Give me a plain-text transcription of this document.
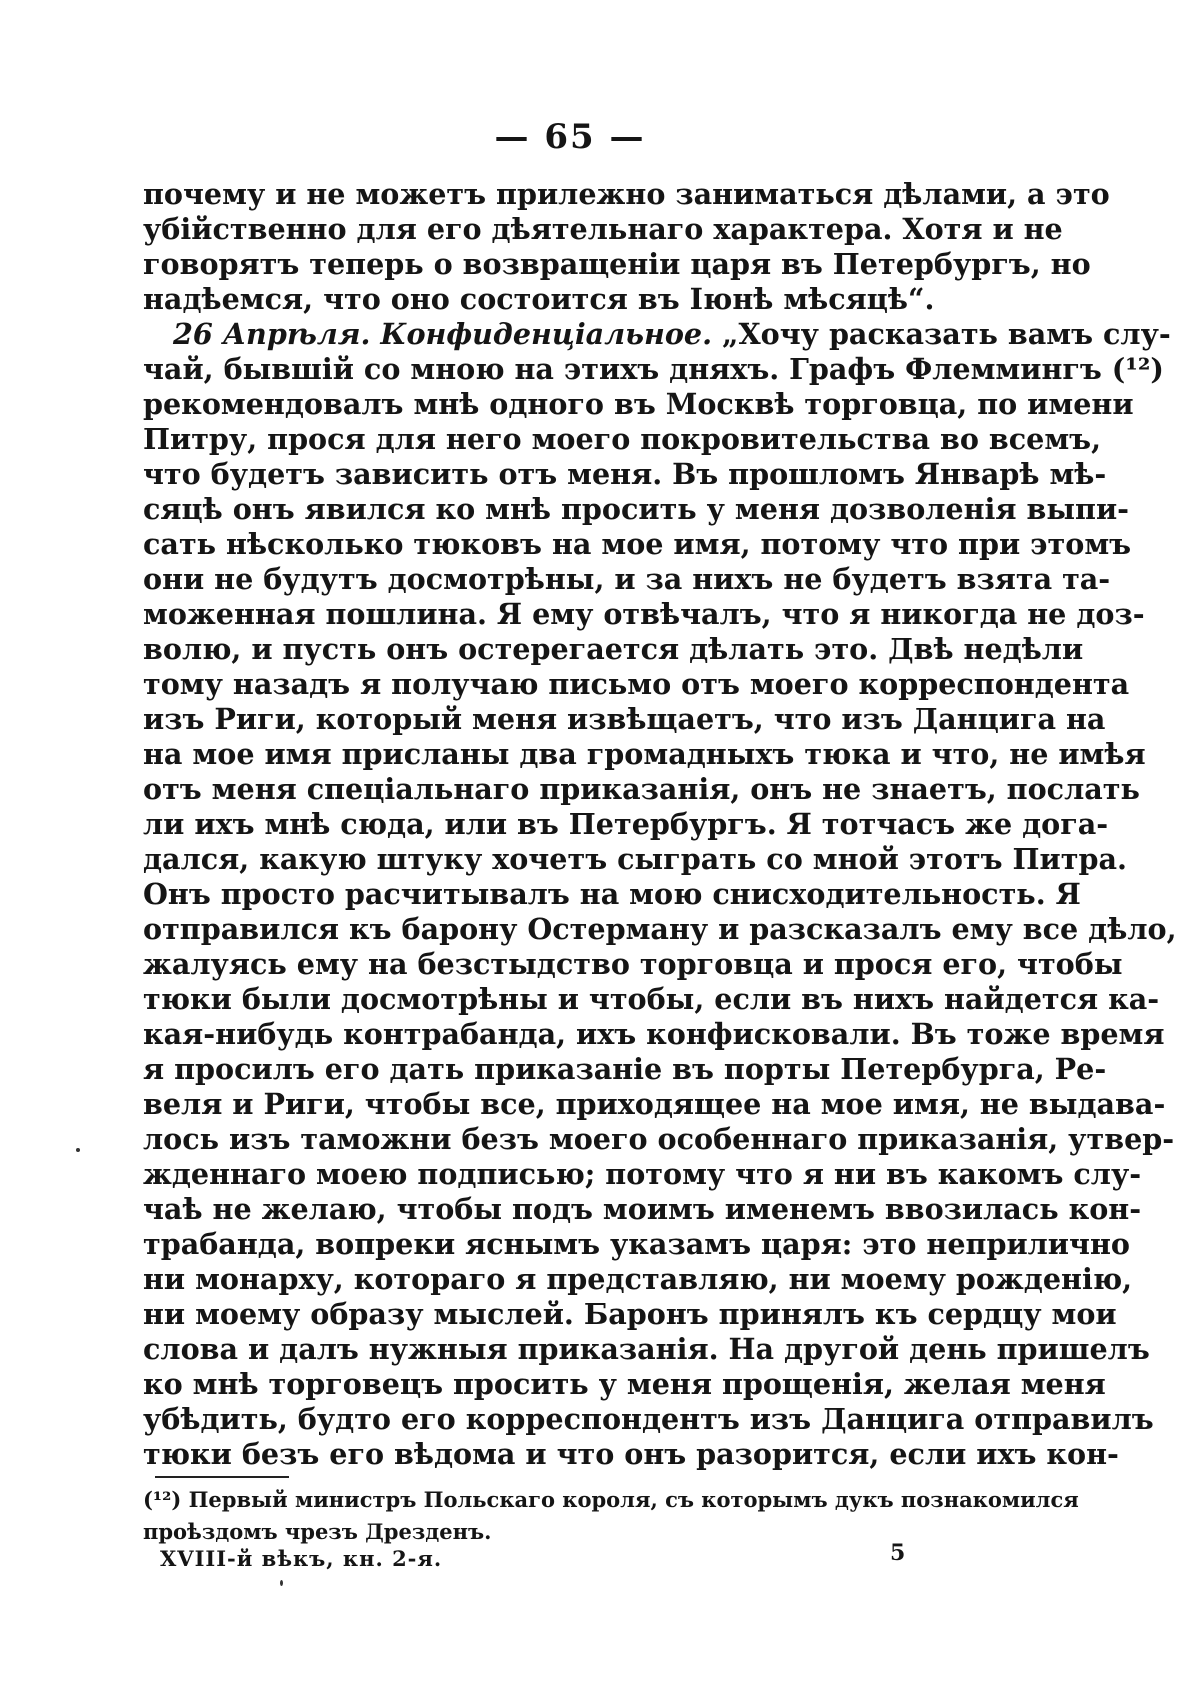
— 65 —
почему и не можетъ прилежно заниматься дѣлами, а это
убійственно для его дѣятельнаго характера. Хотя и не
говорятъ теперь о возвращеніи царя въ Петербургъ, но
надѣемся, что оно состоится въ Іюнѣ мѣсяцѣ“.
26 Апрѣля. Конфиденціальное. „Хочу расказать вамъ слу-
чай, бывшій со мною на этихъ дняхъ. Графъ Флеммингъ (¹²)
рекомендовалъ мнѣ одного въ Москвѣ торговца, по имени
Питру, прося для него моего покровительства во всемъ,
что будетъ зависить отъ меня. Въ прошломъ Январѣ мѣ-
сяцѣ онъ явился ко мнѣ просить у меня дозволенія выпи-
сать нѣсколько тюковъ на мое имя, потому что при этомъ
они не будутъ досмотрѣны, и за нихъ не будетъ взята та-
моженная пошлина. Я ему отвѣчалъ, что я никогда не доз-
волю, и пусть онъ остерегается дѣлать это. Двѣ недѣли
тому назадъ я получаю письмо отъ моего корреспондента
изъ Риги, который меня извѣщаетъ, что изъ Данцига на
на мое имя присланы два громадныхъ тюка и что, не имѣя
отъ меня спеціальнаго приказанія, онъ не знаетъ, послать
ли ихъ мнѣ сюда, или въ Петербургъ. Я тотчасъ же дога-
дался, какую штуку хочетъ сыграть со мной этотъ Питра.
Онъ просто расчитывалъ на мою снисходительность. Я
отправился къ барону Остерману и разсказалъ ему все дѣло,
жалуясь ему на безстыдство торговца и прося его, чтобы
тюки были досмотрѣны и чтобы, если въ нихъ найдется ка-
кая-нибудь контрабанда, ихъ конфисковали. Въ тоже время
я просилъ его дать приказаніе въ порты Петербурга, Ре-
веля и Риги, чтобы все, приходящее на мое имя, не выдава-
лось изъ таможни безъ моего особеннаго приказанія, утвер-
жденнаго моею подписью; потому что я ни въ какомъ слу-
чаѣ не желаю, чтобы подъ моимъ именемъ ввозилась кон-
трабанда, вопреки яснымъ указамъ царя: это неприлично
ни монарху, котораго я представляю, ни моему рожденію,
ни моему образу мыслей. Баронъ принялъ къ сердцу мои
слова и далъ нужныя приказанія. На другой день пришелъ
ко мнѣ торговецъ просить у меня прощенія, желая меня
убѣдить, будто его корреспондентъ изъ Данцига отправилъ
тюки безъ его вѣдома и что онъ разорится, если ихъ кон-
(¹²) Первый министръ Польскаго короля, съ которымъ дукъ познакомился
проѣздомъ чрезъ Дрезденъ.
XVIII-й вѣкъ, кн. 2-я.	5
